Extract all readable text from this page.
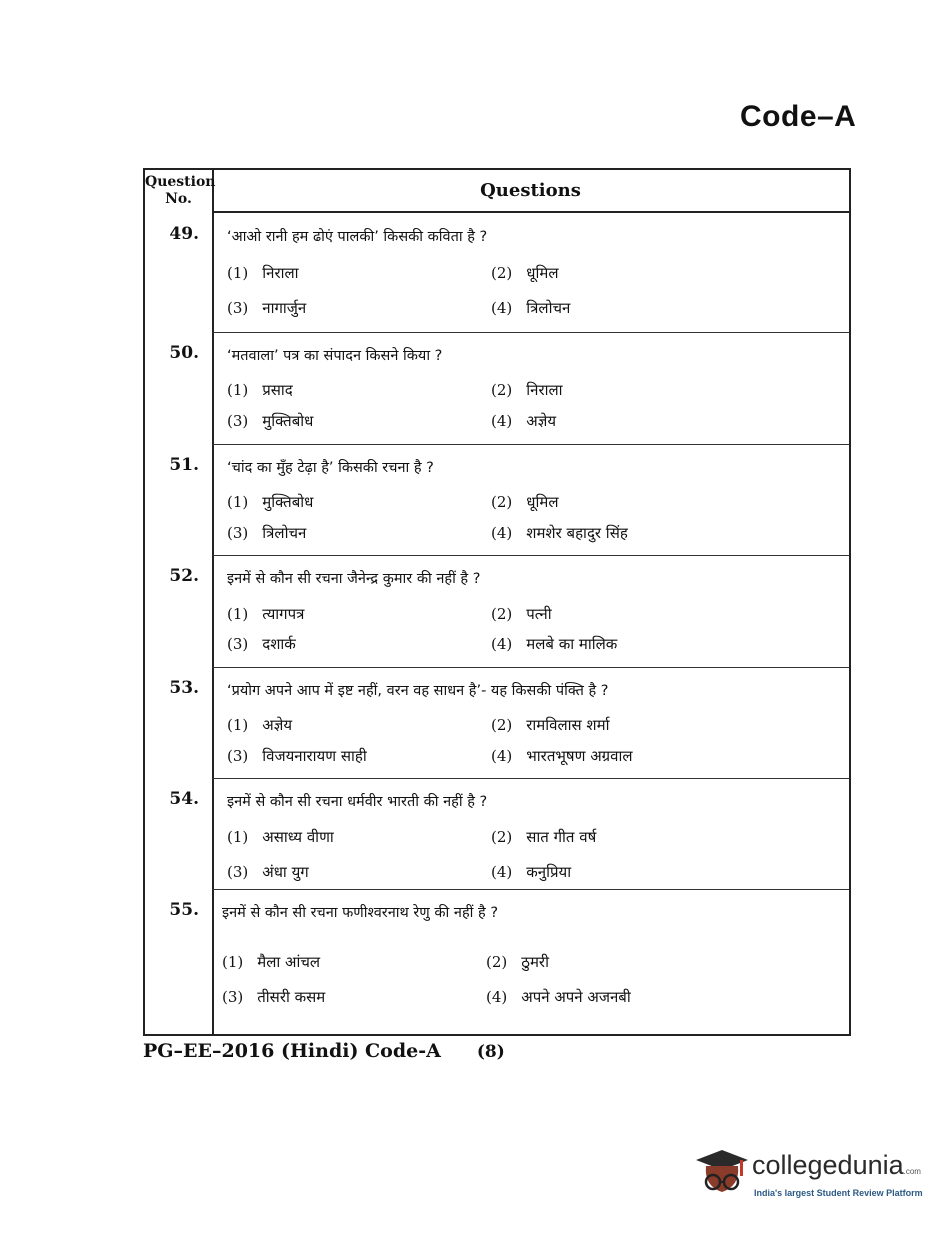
Code–A
Question No.	Questions
49. ‘आओ रानी हम ढोएं पालकी’ किसकी कविता है ?
(1) निराला	(2) धूमिल
(3) नागार्जुन	(4) त्रिलोचन
50. ‘मतवाला’ पत्र का संपादन किसने किया ?
(1) प्रसाद	(2) निराला
(3) मुक्तिबोध	(4) अज्ञेय
51. ‘चांद का मुँह टेढ़ा है’ किसकी रचना है ?
(1) मुक्तिबोध	(2) धूमिल
(3) त्रिलोचन	(4) शमशेर बहादुर सिंह
52. इनमें से कौन सी रचना जैनेन्द्र कुमार की नहीं है ?
(1) त्यागपत्र	(2) पत्नी
(3) दशार्क	(4) मलबे का मालिक
53. ‘प्रयोग अपने आप में इष्ट नहीं, वरन वह साधन है’- यह किसकी पंक्ति है ?
(1) अज्ञेय	(2) रामविलास शर्मा
(3) विजयनारायण साही	(4) भारतभूषण अग्रवाल
54. इनमें से कौन सी रचना धर्मवीर भारती की नहीं है ?
(1) असाध्य वीणा	(2) सात गीत वर्ष
(3) अंधा युग	(4) कनुप्रिया
55. इनमें से कौन सी रचना फणीश्वरनाथ रेणु की नहीं है ?
(1) मैला आंचल	(2) ठुमरी
(3) तीसरी कसम	(4) अपने अपने अजनबी
PG–EE–2016 (Hindi) Code-A (8)
collegedunia.com
India's largest Student Review Platform
